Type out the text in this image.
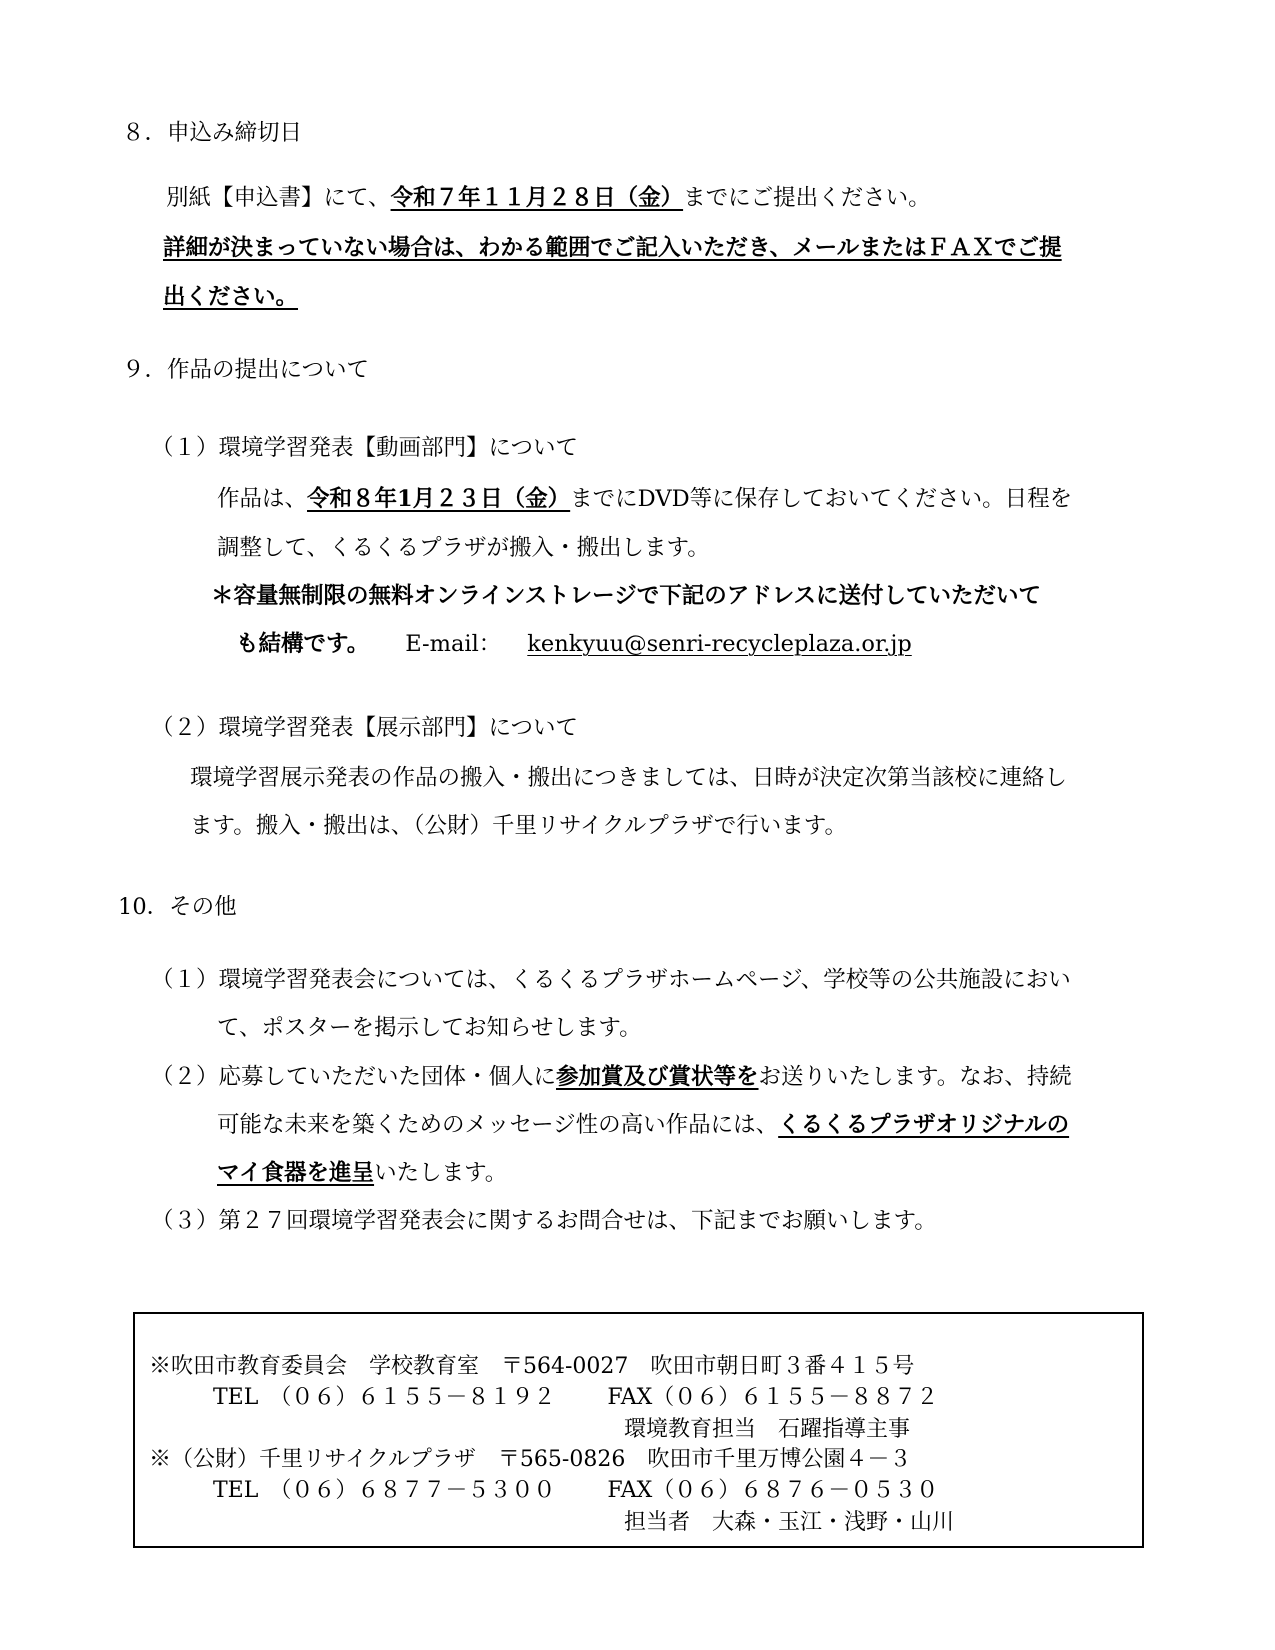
８．申込み締切日
別紙【申込書】にて、令和７年１１月２８日（金）までにご提出ください。
詳細が決まっていない場合は、わかる範囲でご記入いただき、メールまたはＦＡＸでご提
出ください。
９．作品の提出について
（１）環境学習発表【動画部門】について
作品は、令和８年1月２３日（金）までにDVD等に保存しておいてください。日程を
調整して、くるくるプラザが搬入・搬出します。
＊容量無制限の無料オンラインストレージで下記のアドレスに送付していただいて
も結構です。 E-mail： kenkyuu@senri-recycleplaza.or.jp
（２）環境学習発表【展示部門】について
環境学習展示発表の作品の搬入・搬出につきましては、日時が決定次第当該校に連絡し
ます。搬入・搬出は、（公財）千里リサイクルプラザで行います。
10．その他
（１）環境学習発表会については、くるくるプラザホームページ、学校等の公共施設におい
て、ポスターを掲示してお知らせします。
（２）応募していただいた団体・個人に参加賞及び賞状等をお送りいたします。なお、持続
可能な未来を築くためのメッセージ性の高い作品には、くるくるプラザオリジナルの
マイ食器を進呈いたします。
（３）第２７回環境学習発表会に関するお問合せは、下記までお願いします。
※吹田市教育委員会　学校教育室　〒564-0027　吹田市朝日町３番４１５号
TEL　（０６）６１５５－８１９２ FAX（０６）６１５５－８８７２
環境教育担当　石躍指導主事
※（公財）千里リサイクルプラザ　〒565-0826　吹田市千里万博公園４－３
TEL　（０６）６８７７－５３００ FAX（０６）６８７６－０５３０
担当者　大森・玉江・浅野・山川
